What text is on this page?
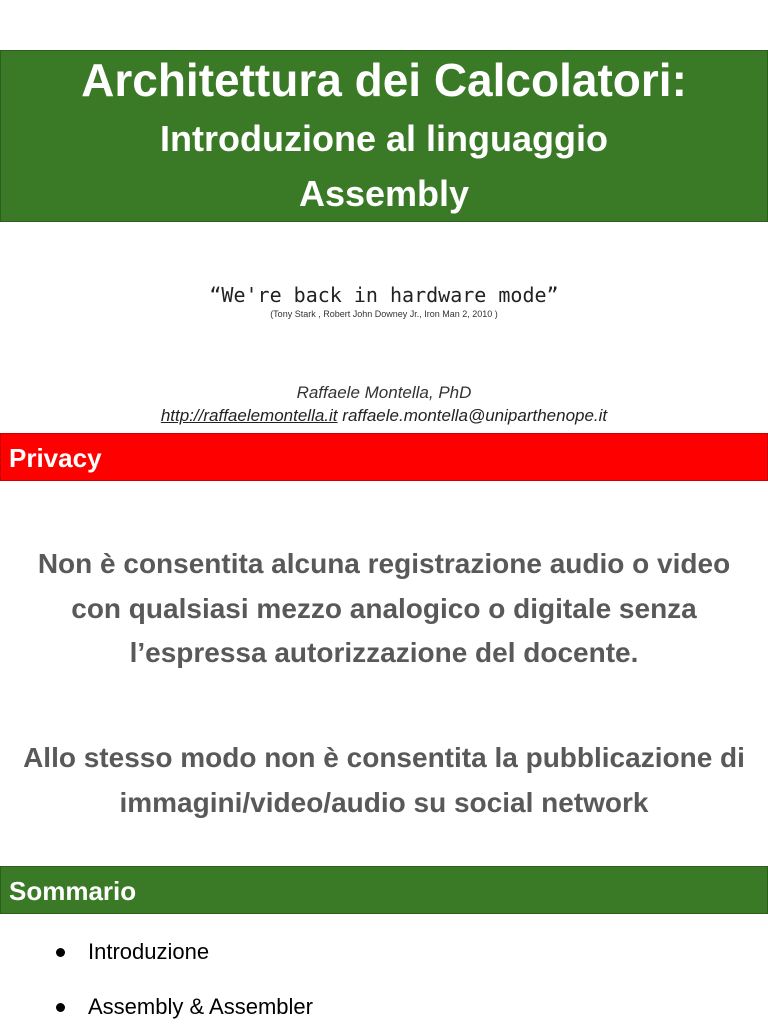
Architettura dei Calcolatori:
Introduzione al linguaggio
Assembly
“We're back in hardware mode”
(Tony Stark , Robert John Downey Jr., Iron Man 2, 2010 )
Raffaele Montella, PhD
http://raffaelemontella.it raffaele.montella@uniparthenope.it
Privacy
Non è consentita alcuna registrazione audio o video con qualsiasi mezzo analogico o digitale senza l’espressa autorizzazione del docente.
Allo stesso modo non è consentita la pubblicazione di immagini/video/audio su social network
Sommario
Introduzione
Assembly & Assembler
